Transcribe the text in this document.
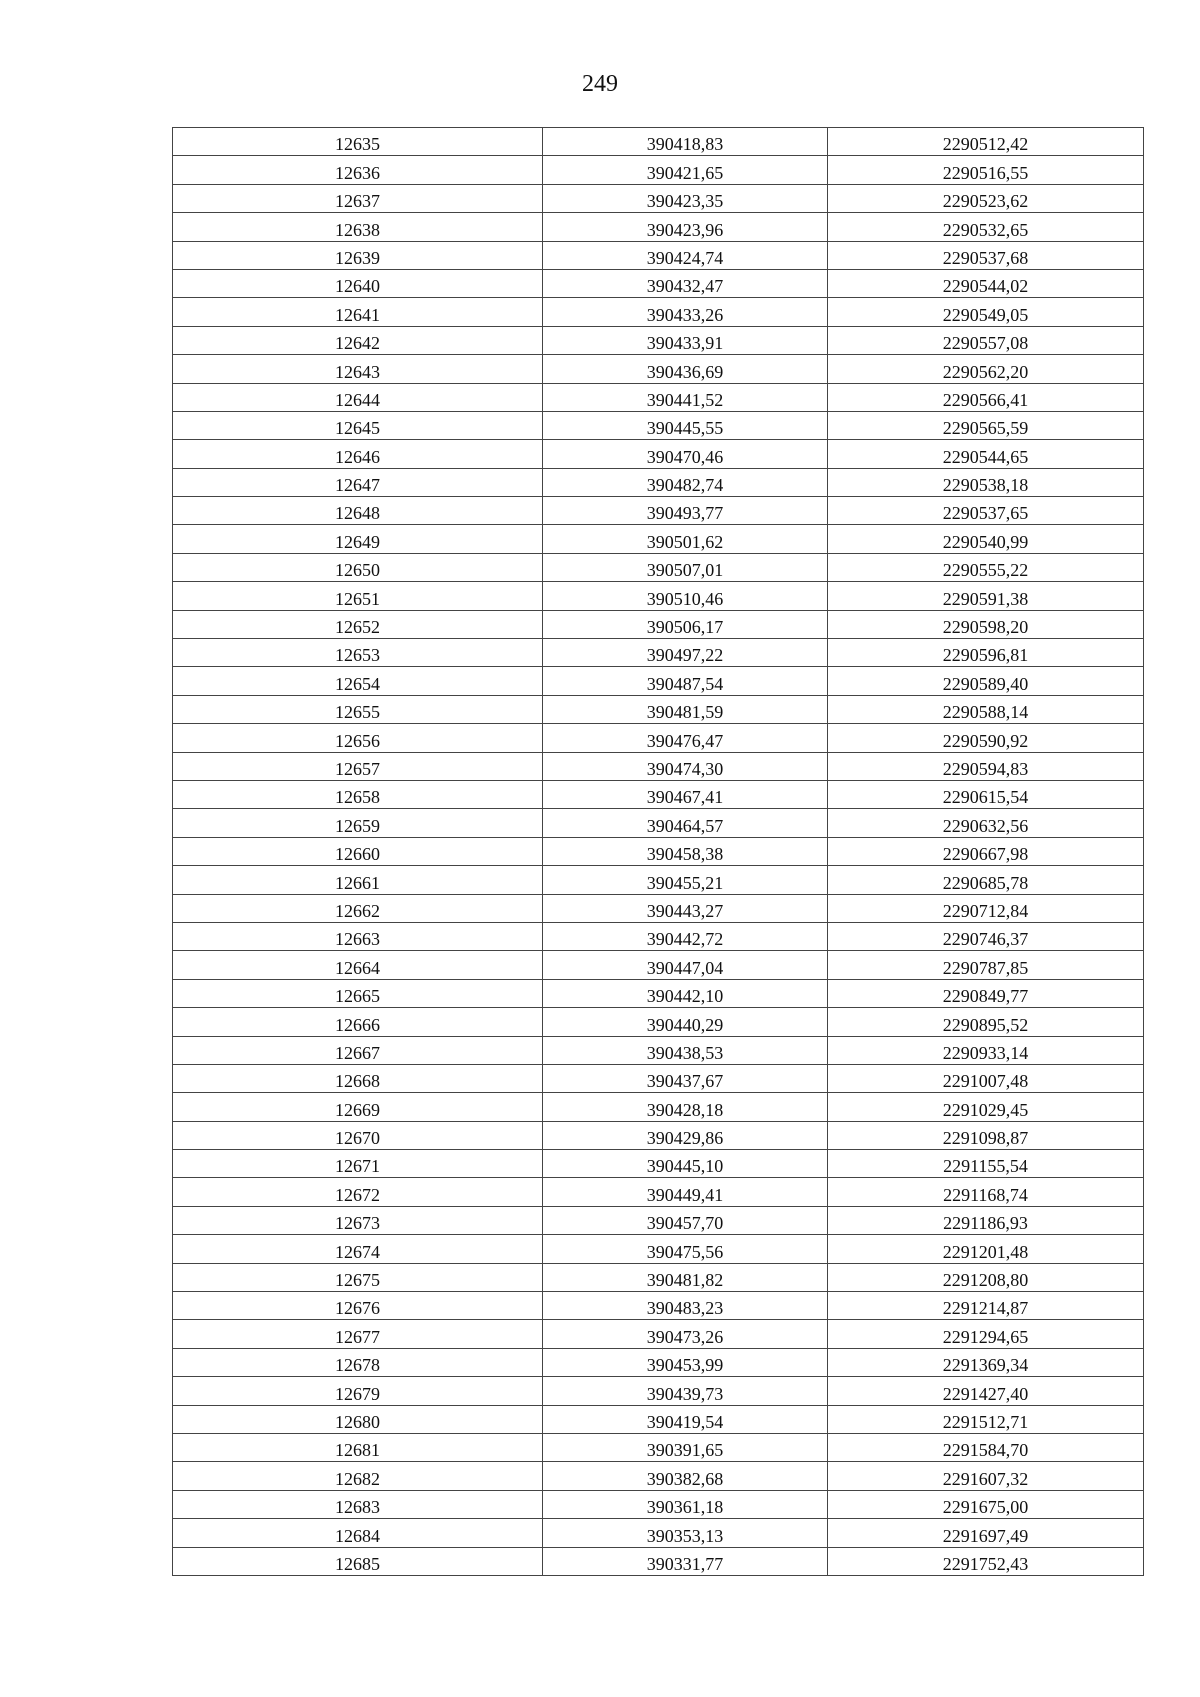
249
12635	390418,83	2290512,42
12636	390421,65	2290516,55
12637	390423,35	2290523,62
12638	390423,96	2290532,65
12639	390424,74	2290537,68
12640	390432,47	2290544,02
12641	390433,26	2290549,05
12642	390433,91	2290557,08
12643	390436,69	2290562,20
12644	390441,52	2290566,41
12645	390445,55	2290565,59
12646	390470,46	2290544,65
12647	390482,74	2290538,18
12648	390493,77	2290537,65
12649	390501,62	2290540,99
12650	390507,01	2290555,22
12651	390510,46	2290591,38
12652	390506,17	2290598,20
12653	390497,22	2290596,81
12654	390487,54	2290589,40
12655	390481,59	2290588,14
12656	390476,47	2290590,92
12657	390474,30	2290594,83
12658	390467,41	2290615,54
12659	390464,57	2290632,56
12660	390458,38	2290667,98
12661	390455,21	2290685,78
12662	390443,27	2290712,84
12663	390442,72	2290746,37
12664	390447,04	2290787,85
12665	390442,10	2290849,77
12666	390440,29	2290895,52
12667	390438,53	2290933,14
12668	390437,67	2291007,48
12669	390428,18	2291029,45
12670	390429,86	2291098,87
12671	390445,10	2291155,54
12672	390449,41	2291168,74
12673	390457,70	2291186,93
12674	390475,56	2291201,48
12675	390481,82	2291208,80
12676	390483,23	2291214,87
12677	390473,26	2291294,65
12678	390453,99	2291369,34
12679	390439,73	2291427,40
12680	390419,54	2291512,71
12681	390391,65	2291584,70
12682	390382,68	2291607,32
12683	390361,18	2291675,00
12684	390353,13	2291697,49
12685	390331,77	2291752,43
